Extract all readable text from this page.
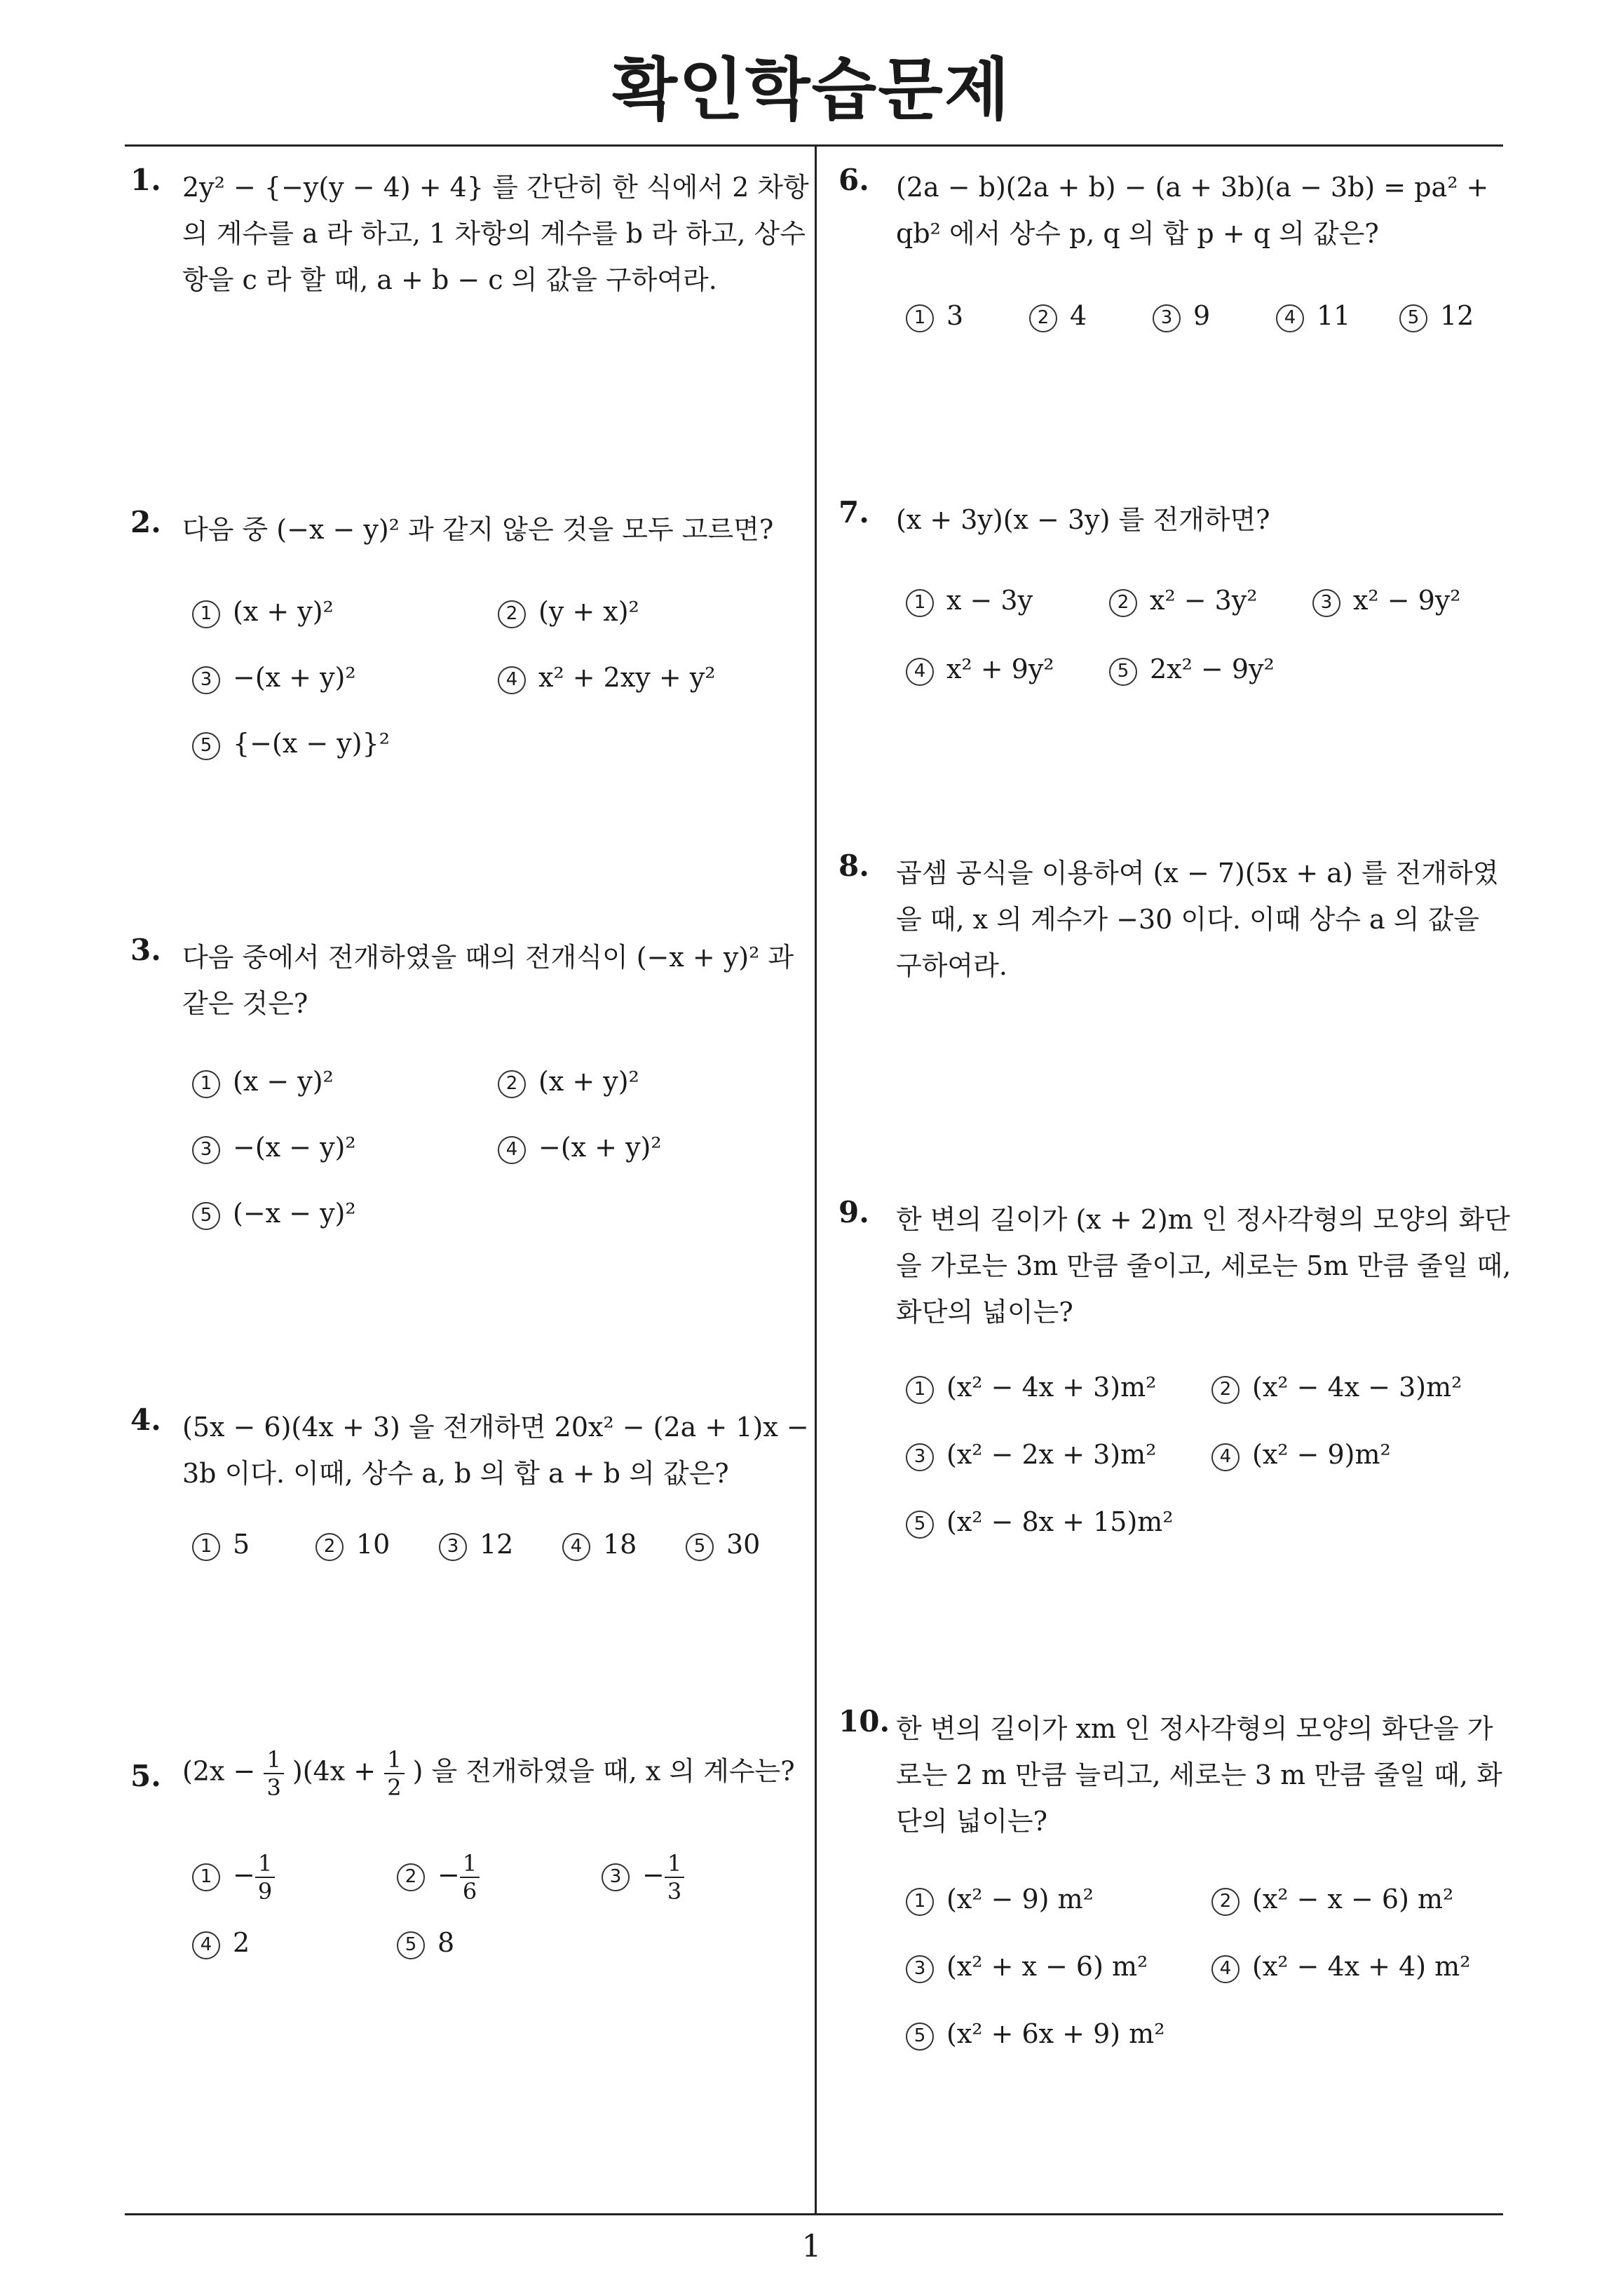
확인학습문제
1
1. 2y² − {−y(y − 4) + 4} 를 간단히 한 식에서 2 차항의 계수를 a 라 하고, 1 차항의 계수를 b 라 하고, 상수항을 c 라 할 때, a + b − c 의 값을 구하여라.
2. 다음 중 (−x − y)² 과 같지 않은 것을 모두 고르면?
1 (x + y)²	2 (y + x)²
3 −(x + y)²	4 x² + 2xy + y²
5 {−(x − y)}²
3. 다음 중에서 전개하였을 때의 전개식이 (−x + y)² 과 같은 것은?
1 (x − y)²	2 (x + y)²
3 −(x − y)²	4 −(x + y)²
5 (−x − y)²
4. (5x − 6)(4x + 3) 을 전개하면 20x² − (2a + 1)x − 3b 이다. 이때, 상수 a, b 의 합 a + b 의 값은?
1 5	2 10	3 12	4 18	5 30
5. $(2x - \frac{1}{3} )(4x + \frac{1}{2}$ ) 을 전개하였을 때, x 의 계수는?
$1 - \frac{1}{9}$	$2 - \frac{1}{6}$	$3 - \frac{1}{3}$
4 2	5 8
6. (2a − b)(2a + b) − (a + 3b)(a − 3b) = pa² + qb² 에서 상수 p, q 의 합 p + q 의 값은?
1 3	2 4	3 9	4 11	5 12
7. (x + 3y)(x − 3y) 를 전개하면?
1 x − 3y	2 x² − 3y²	3 x² − 9y²
4 x² + 9y²	5 2x² − 9y²
8. 곱셈 공식을 이용하여 (x − 7)(5x + a) 를 전개하였을 때, x 의 계수가 −30 이다. 이때 상수 a 의 값을 구하여라.
9. 한 변의 길이가 (x + 2)m 인 정사각형의 모양의 화단을 가로는 3m 만큼 줄이고, 세로는 5m 만큼 줄일 때, 화단의 넓이는?
1 (x² − 4x + 3)m²	2 (x² − 4x − 3)m²
3 (x² − 2x + 3)m²	4 (x² − 9)m²
5 (x² − 8x + 15)m²
10. 한 변의 길이가 xm 인 정사각형의 모양의 화단을 가로는 2 m 만큼 늘리고, 세로는 3 m 만큼 줄일 때, 화단의 넓이는?
1 (x² − 9) m²	2 (x² − x − 6) m²
3 (x² + x − 6) m²	4 (x² − 4x + 4) m²
5 (x² + 6x + 9) m²
